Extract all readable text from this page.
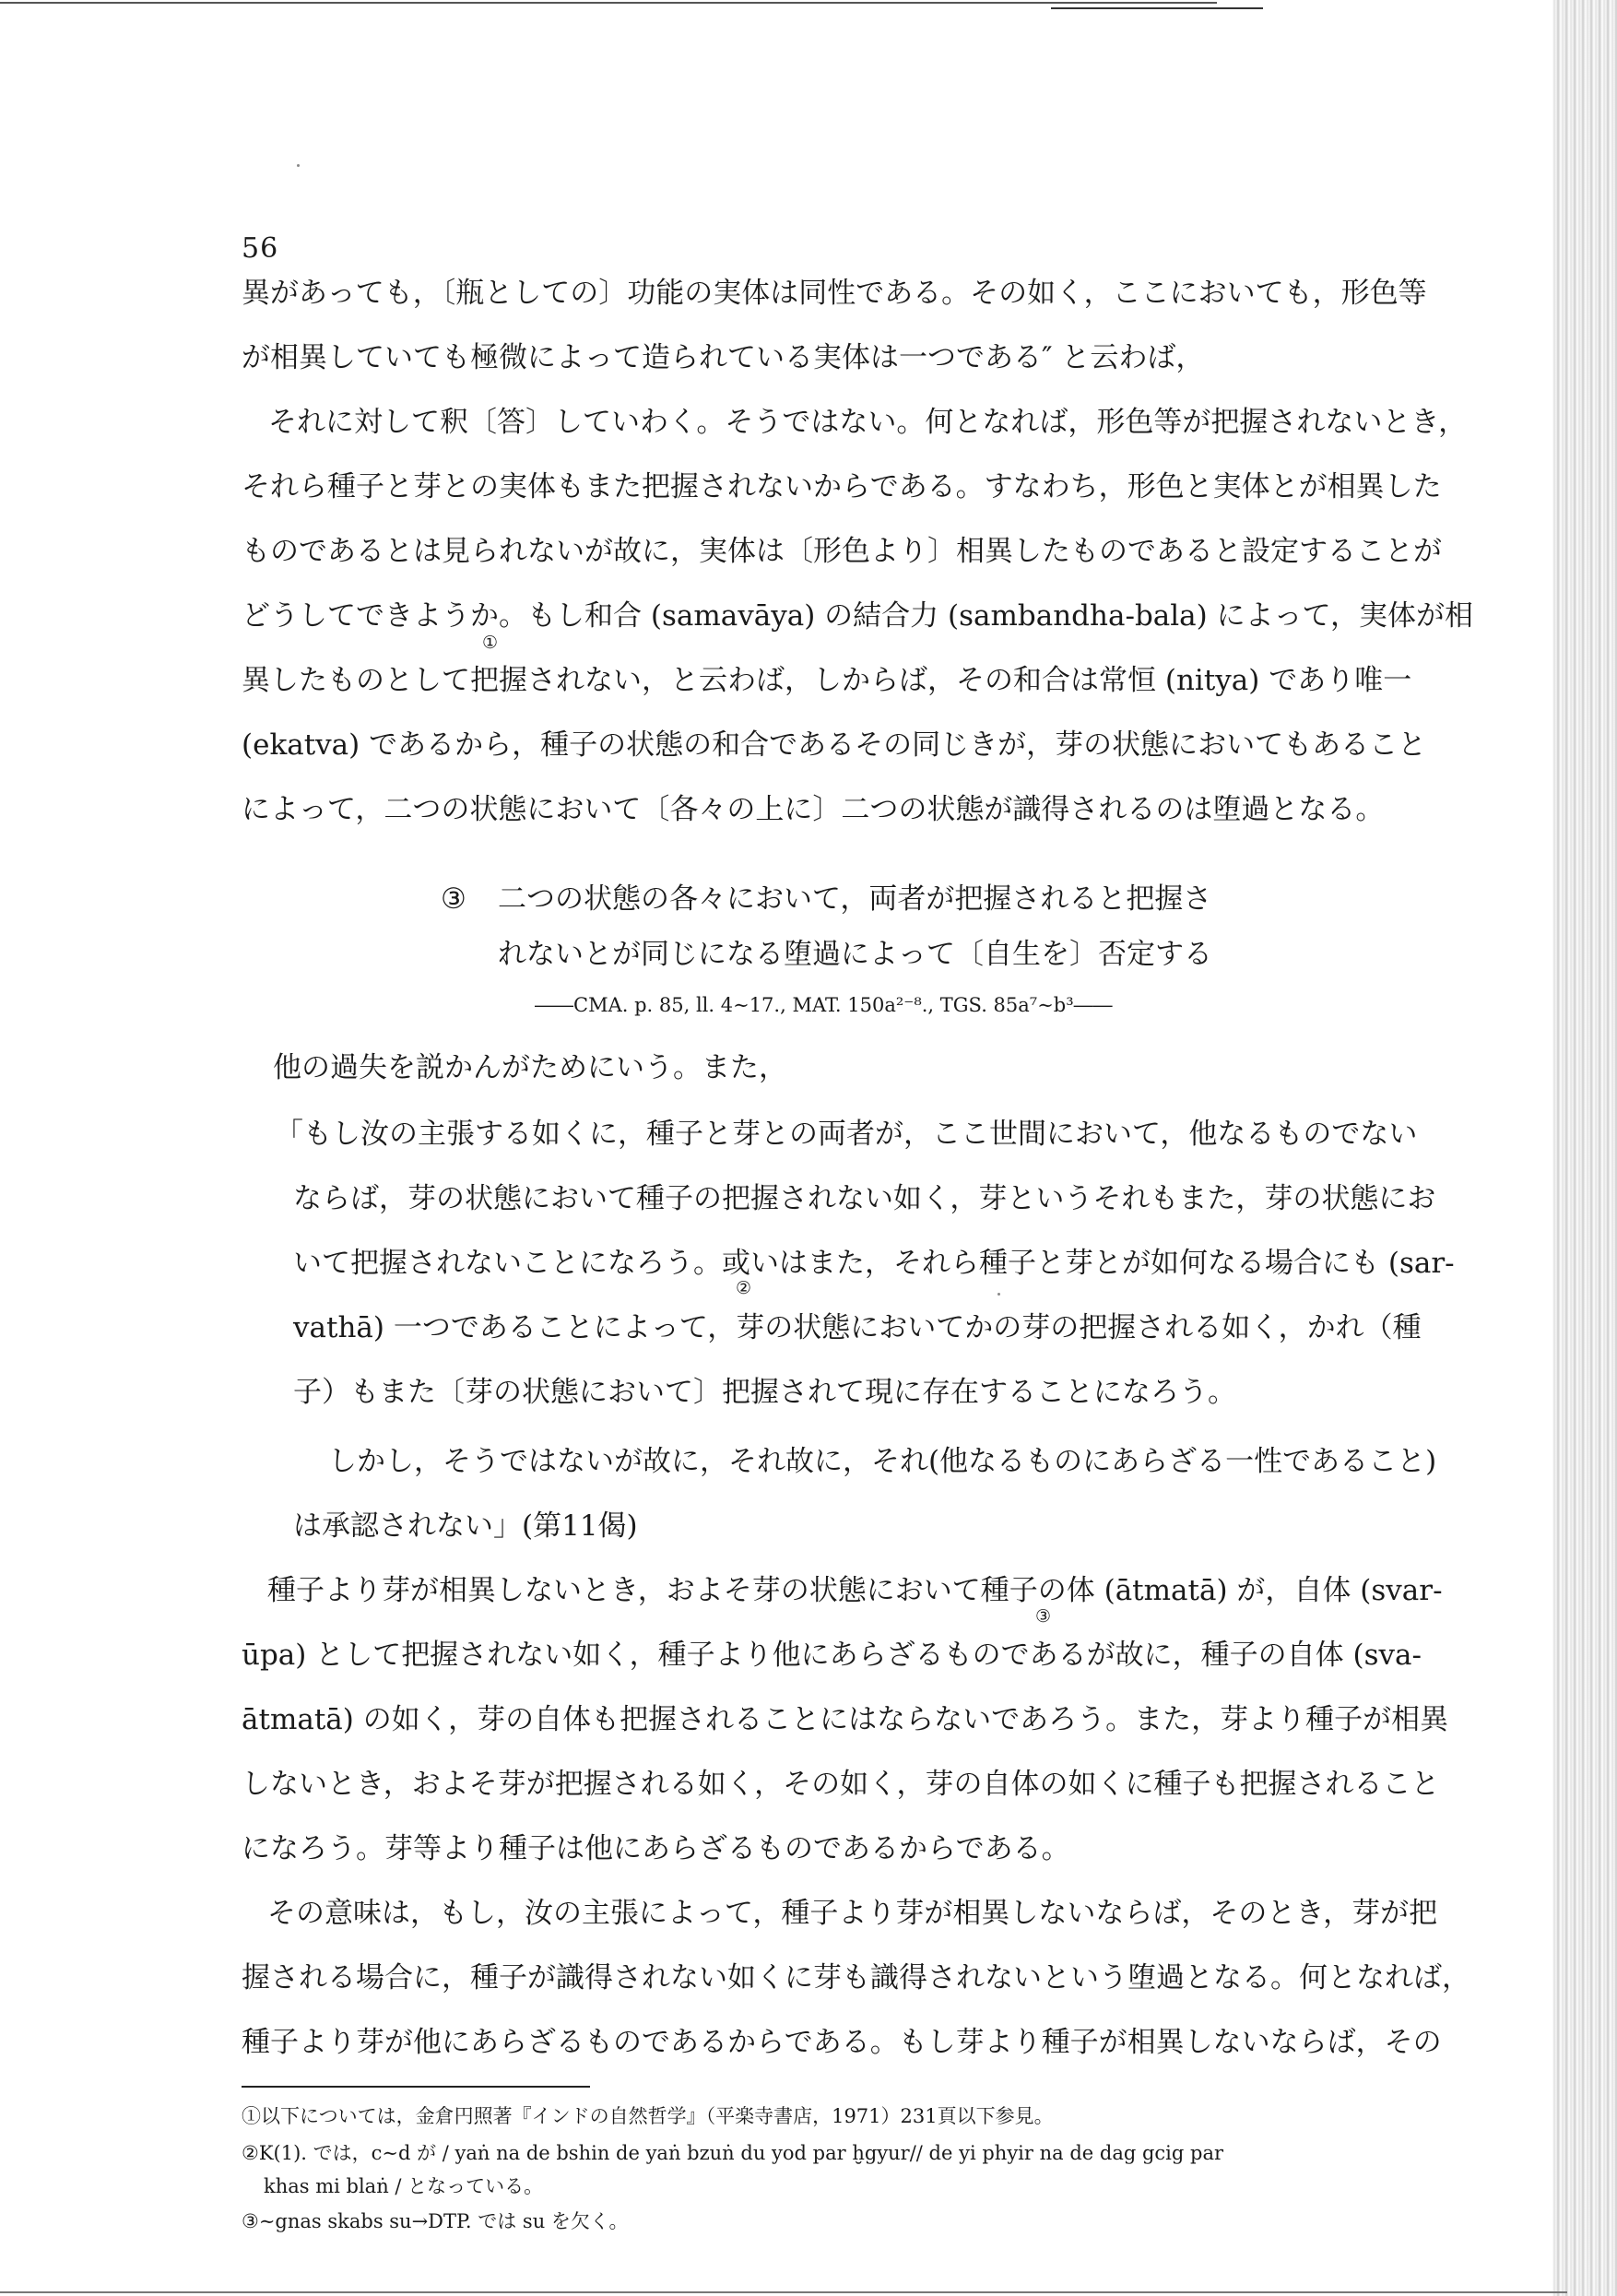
56
異があっても，〔瓶としての〕功能の実体は同性である。その如く，ここにおいても，形色等
が相異していても極微によって造られている実体は一つである″ と云わば，
それに対して釈〔答〕していわく。そうではない。何となれば，形色等が把握されないとき，
それら種子と芽との実体もまた把握されないからである。すなわち，形色と実体とが相異した
ものであるとは見られないが故に，実体は〔形色より〕相異したものであると設定することが
どうしてできようか。もし和合 (samavāya) の結合力 (sambandha-bala) によって，実体が相
①
異したものとして把握されない，と云わば，しからば，その和合は常恒 (nitya) であり唯一
(ekatva) であるから，種子の状態の和合であるその同じきが，芽の状態においてもあること
によって，二つの状態において〔各々の上に〕二つの状態が識得されるのは堕過となる。
③ 二つの状態の各々において，両者が把握されると把握さ
れないとが同じになる堕過によって〔自生を〕否定する
――CMA. p. 85, ll. 4∼17., MAT. 150a²⁻⁸., TGS. 85a⁷∼b³――
他の過失を説かんがためにいう。また，
「もし汝の主張する如くに，種子と芽との両者が，ここ世間において，他なるものでない
ならば，芽の状態において種子の把握されない如く，芽というそれもまた，芽の状態にお
いて把握されないことになろう。或いはまた，それら種子と芽とが如何なる場合にも (sar-
②
vathā) 一つであることによって，芽の状態においてかの芽の把握される如く，かれ（種
子）もまた〔芽の状態において〕把握されて現に存在することになろう。
しかし，そうではないが故に，それ故に，それ(他なるものにあらざる一性であること)
は承認されない」(第11偈)
種子より芽が相異しないとき，およそ芽の状態において種子の体 (ātmatā) が，自体 (svar-
③
ūpa) として把握されない如く，種子より他にあらざるものであるが故に，種子の自体 (sva-
ātmatā) の如く，芽の自体も把握されることにはならないであろう。また，芽より種子が相異
しないとき，およそ芽が把握される如く，その如く，芽の自体の如くに種子も把握されること
になろう。芽等より種子は他にあらざるものであるからである。
その意味は，もし，汝の主張によって，種子より芽が相異しないならば，そのとき，芽が把
握される場合に，種子が識得されない如くに芽も識得されないという堕過となる。何となれば，
種子より芽が他にあらざるものであるからである。もし芽より種子が相異しないならば，その
①以下については，金倉円照著『インドの自然哲学』（平楽寺書店，1971）231頁以下参見。
②K(1). では，c∼d が / yaṅ na de bshin de yaṅ bzuṅ du yod par ḫgyur// de yi phyir na de dag gcig par
khas mi blaṅ / となっている。
③∼gnas skabs su→DTP. では su を欠く。
